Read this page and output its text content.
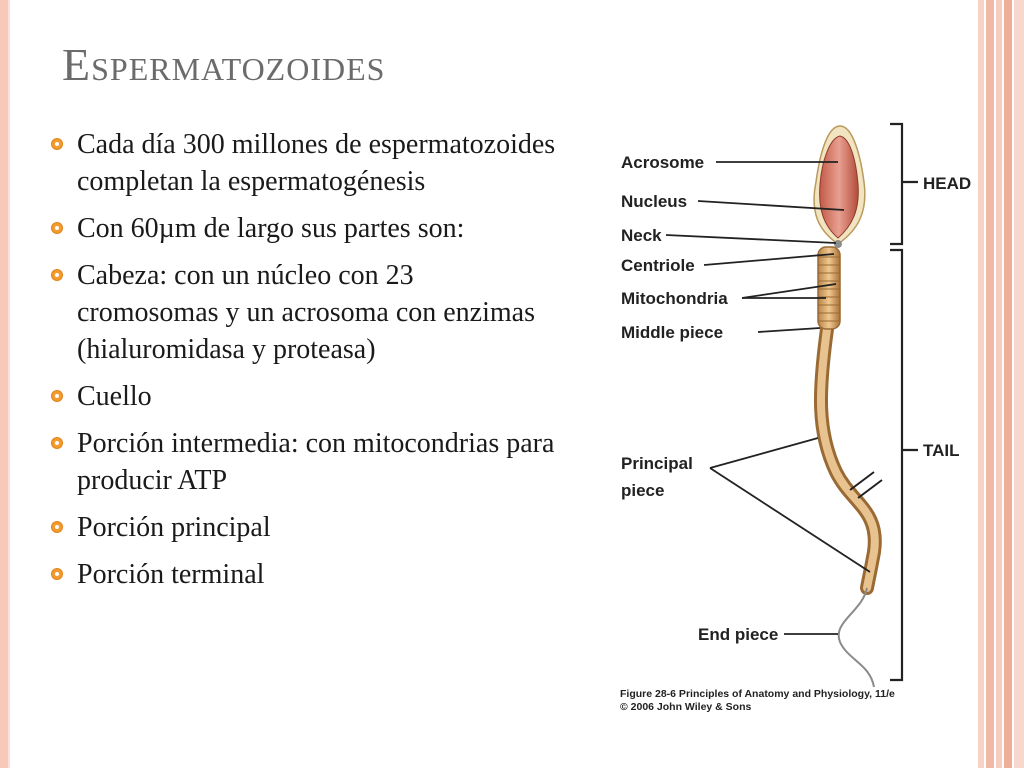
Espermatozoides
Cada día 300 millones de espermatozoides completan la espermatogénesis
Con 60µm de largo sus partes son:
Cabeza: con un núcleo con 23 cromosomas y un acrosoma con enzimas (hialuromidasa y proteasa)
Cuello
Porción intermedia: con mitocondrias para producir ATP
Porción principal
Porción terminal
Acrosome
Nucleus
Neck
Centriole
Mitochondria
Middle piece
Principal
piece
End piece
HEAD
TAIL
Figure 28-6 Principles of Anatomy and Physiology, 11/e
© 2006 John Wiley & Sons
